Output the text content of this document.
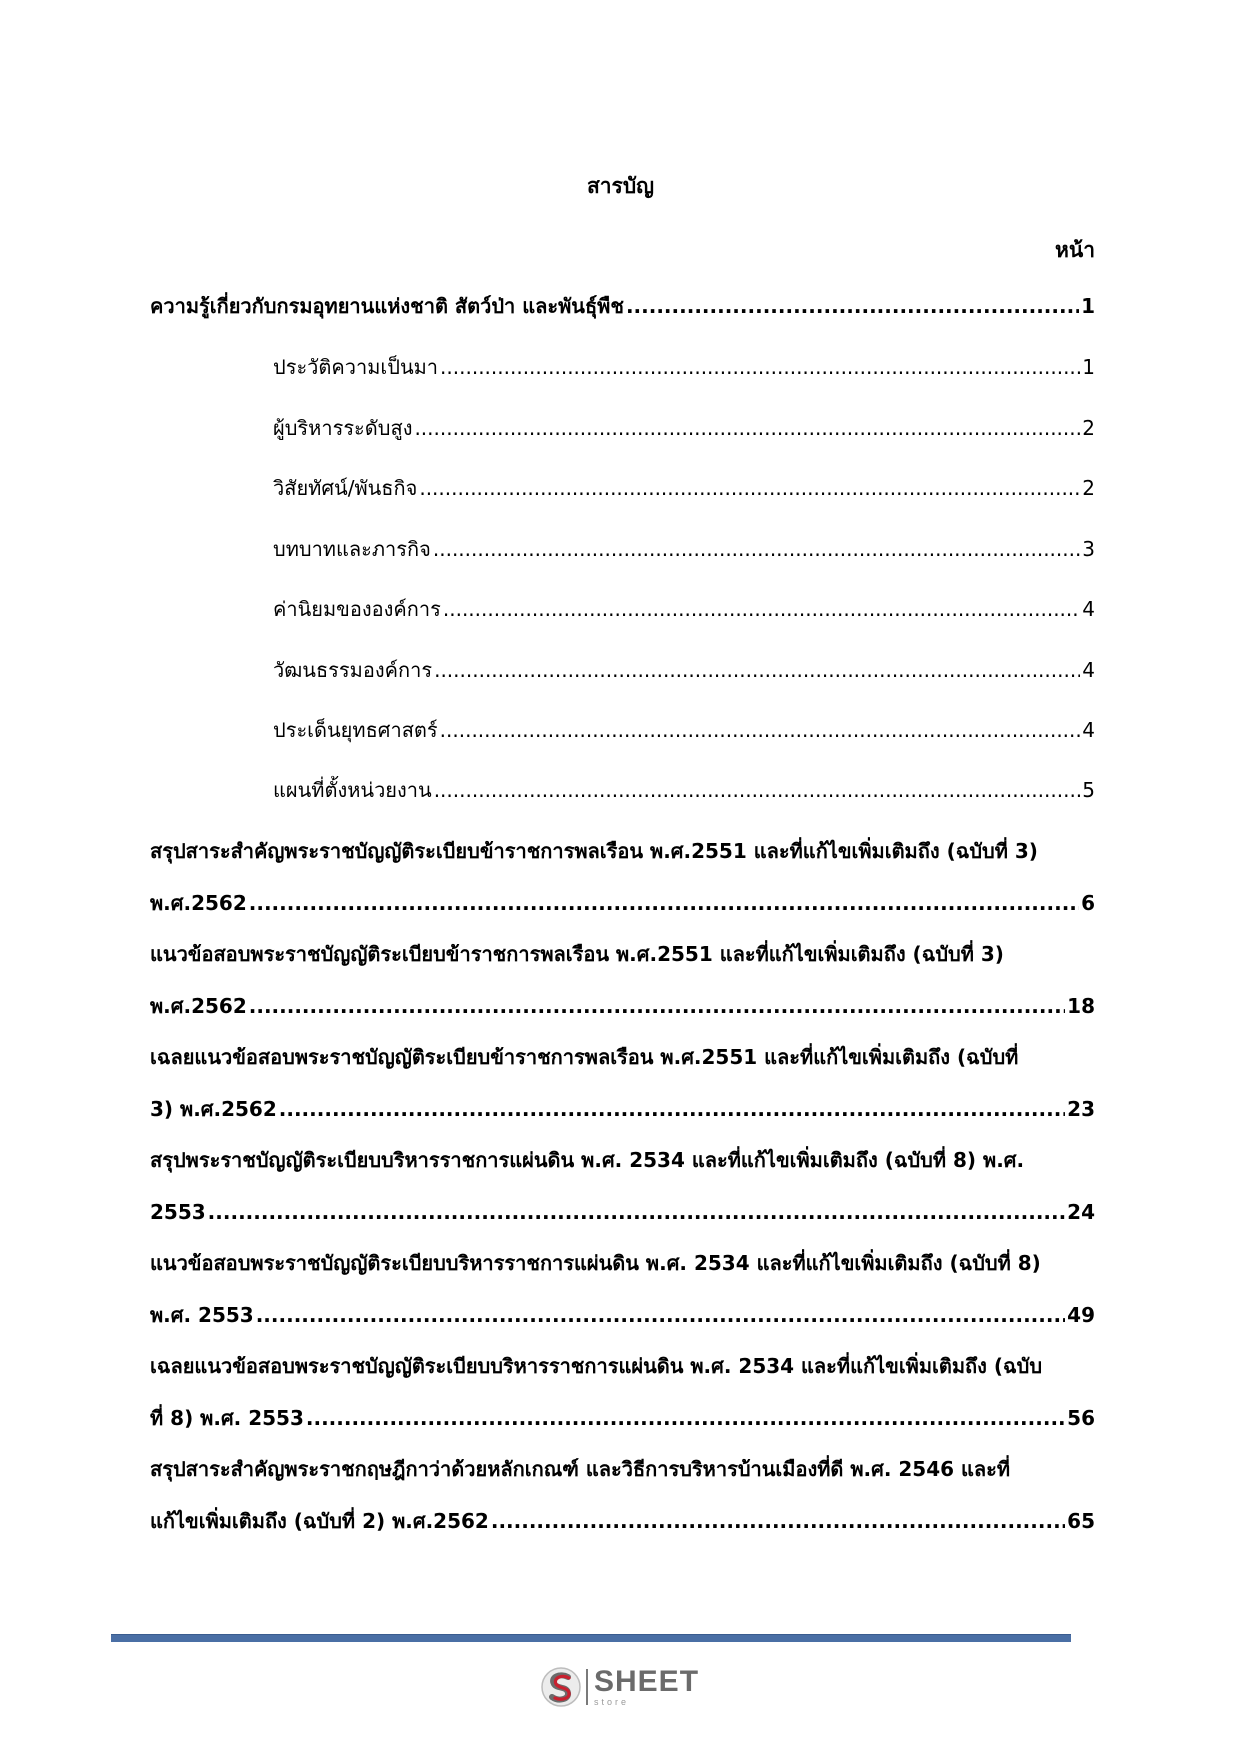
สารบัญ
หน้า
ความรู้เกี่ยวกับกรมอุทยานแห่งชาติ สัตว์ป่า และพันธุ์พืช .....	1
ประวัติความเป็นมา .....	1
ผู้บริหารระดับสูง .....	2
วิสัยทัศน์/พันธกิจ .....	2
บทบาทและภารกิจ .....	3
ค่านิยมขององค์การ .....	4
วัฒนธรรมองค์การ .....	4
ประเด็นยุทธศาสตร์ .....	4
แผนที่ตั้งหน่วยงาน .....	5
สรุปสาระสำคัญพระราชบัญญัติระเบียบข้าราชการพลเรือน พ.ศ.2551 และที่แก้ไขเพิ่มเติมถึง (ฉบับที่ 3)
พ.ศ.2562 .....	6
แนวข้อสอบพระราชบัญญัติระเบียบข้าราชการพลเรือน พ.ศ.2551 และที่แก้ไขเพิ่มเติมถึง (ฉบับที่ 3)
พ.ศ.2562 .....	18
เฉลยแนวข้อสอบพระราชบัญญัติระเบียบข้าราชการพลเรือน พ.ศ.2551 และที่แก้ไขเพิ่มเติมถึง (ฉบับที่
3) พ.ศ.2562 .....	23
สรุปพระราชบัญญัติระเบียบบริหารราชการแผ่นดิน พ.ศ. 2534 และที่แก้ไขเพิ่มเติมถึง (ฉบับที่ 8) พ.ศ.
2553 .....	24
แนวข้อสอบพระราชบัญญัติระเบียบบริหารราชการแผ่นดิน พ.ศ. 2534 และที่แก้ไขเพิ่มเติมถึง (ฉบับที่ 8)
พ.ศ. 2553 .....	49
เฉลยแนวข้อสอบพระราชบัญญัติระเบียบบริหารราชการแผ่นดิน พ.ศ. 2534 และที่แก้ไขเพิ่มเติมถึง (ฉบับ
ที่ 8) พ.ศ. 2553 .....	56
สรุปสาระสำคัญพระราชกฤษฎีกาว่าด้วยหลักเกณฑ์ และวิธีการบริหารบ้านเมืองที่ดี พ.ศ. 2546 และที่
แก้ไขเพิ่มเติมถึง (ฉบับที่ 2) พ.ศ.2562 .....	65
SHEET
store
